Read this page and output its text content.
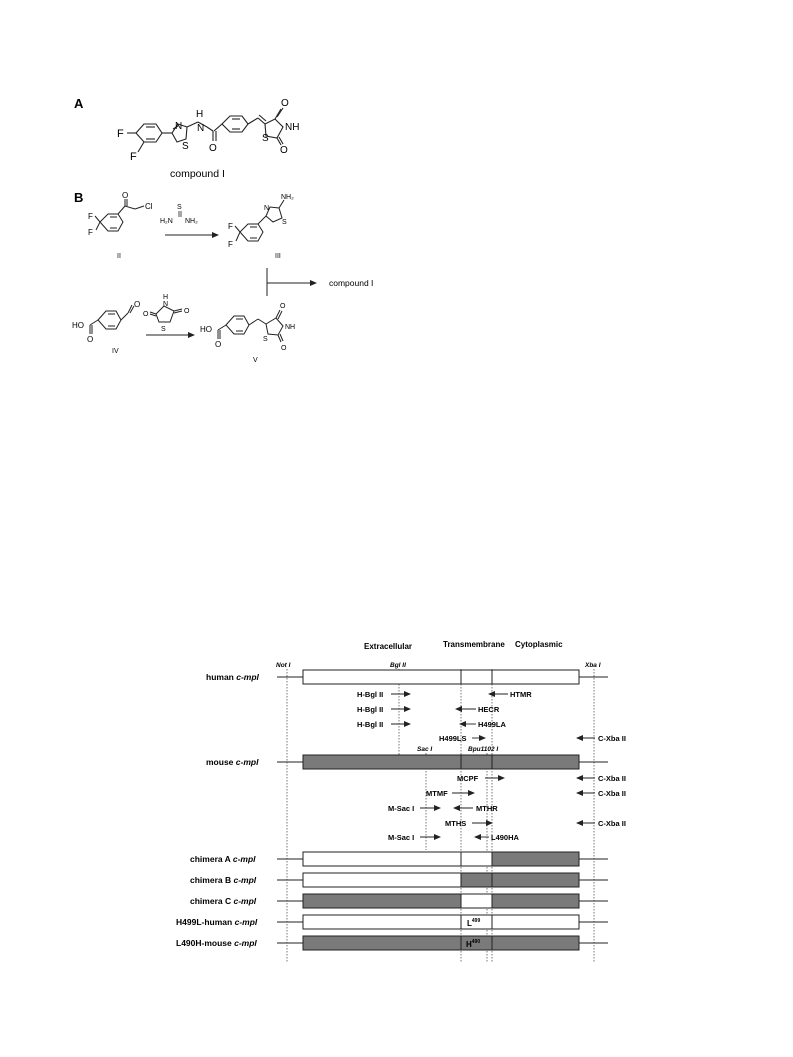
A
F
F
N
S
H
N
O
O
NH
S
O
compound I
B
F
F
O
Cl
II
S
H₂N NH₂
F
F
NH₂
N
S
III
compound I
HO
O
O
IV
H
N
O	O
S	HO
O
O
NH
S
O
V
Extracellular	Transmembrane Cytoplasmic
Not I	Bgl II	Xba I
Sac I	Bpu1102 I
human c-mpl
mouse c-mpl
chimera A c-mpl
chimera B c-mpl
chimera C c-mpl
H499L-human c-mpl
L490H-mouse c-mpl
$L^{499}$
$H^{490}$
H-Bgl II
H-Bgl II
H-Bgl II
HTMR
HECR
H499LA
H499LS	C-Xba II
MCPF	C-Xba II
MTMF	C-Xba II
M-Sac I	MTHR
MTHS	C-Xba II
M-Sac I	L490HA
